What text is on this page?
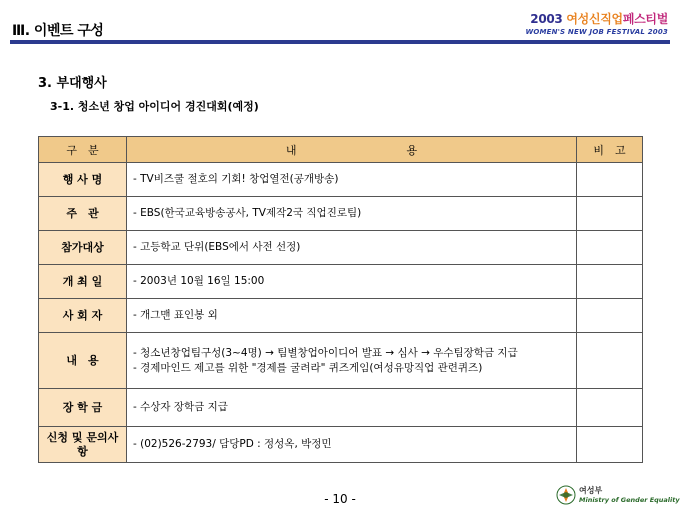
Ⅲ. 이벤트 구성
2003 여성신직업페스티벌
WOMEN'S NEW JOB FESTIVAL 2003
3. 부대행사
3-1. 청소년 창업 아이디어 경진대회(예정)
구　분	내　　　　　　　　　　용	비　고
행 사 명	- TV비즈쿨 절호의 기회! 창업열전(공개방송)	

주　관	- EBS(한국교육방송공사, TV제작2국 직업진로팀)	

참가대상	- 고등학교 단위(EBS에서 사전 선정)	

개 최 일	- 2003년 10월 16일 15:00	

사 회 자	- 개그맨 표인봉 외	

내　용	- 청소년창업팀구성(3~4명) → 팀별창업아이디어 발표 → 심사 → 우수팀장학금 지급
- 경제마인드 제고를 위한 "경제를 굴려라" 퀴즈게임(여성유망직업 관련퀴즈)	

장 학 금	- 수상자 장학금 지급	

신청 및 문의사항	- (02)526-2793/ 담당PD : 정성옥, 박정민	

- 10 -
여성부
Ministry of Gender Equality
